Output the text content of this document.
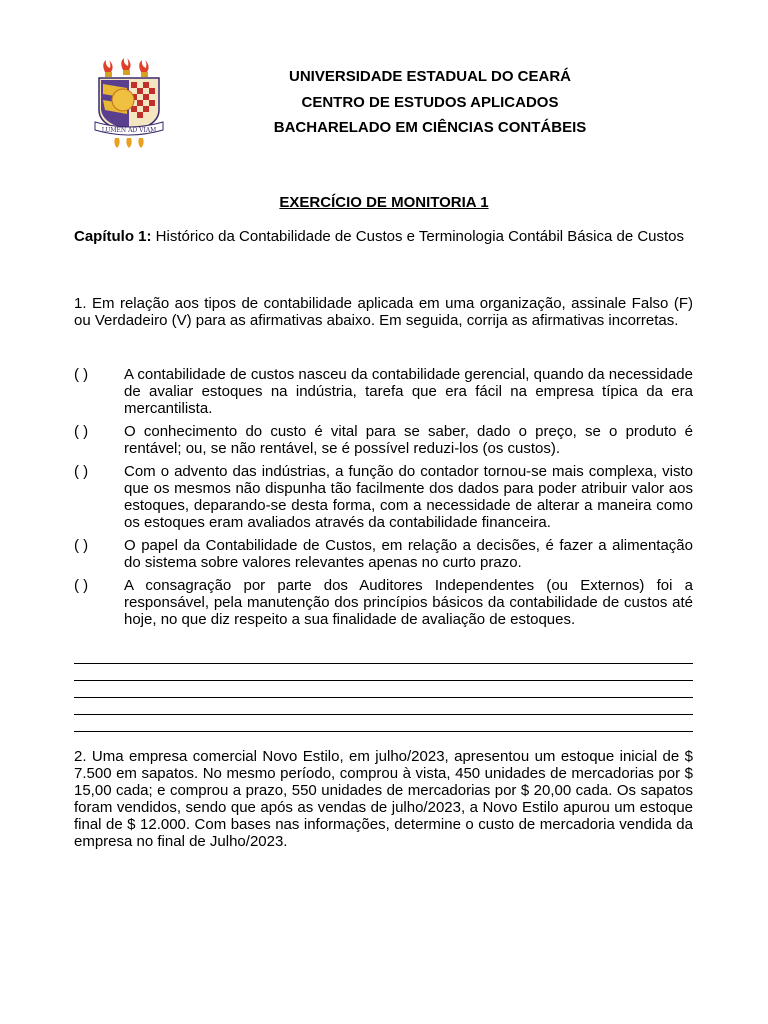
LUMEN AD VIAM
UNIVERSIDADE ESTADUAL DO CEARÁ
CENTRO DE ESTUDOS APLICADOS
BACHARELADO EM CIÊNCIAS CONTÁBEIS
EXERCÍCIO DE MONITORIA 1
Capítulo 1: Histórico da Contabilidade de Custos e Terminologia Contábil Básica de Custos
1. Em relação aos tipos de contabilidade aplicada em uma organização, assinale Falso (F) ou Verdadeiro (V) para as afirmativas abaixo. Em seguida, corrija as afirmativas incorretas.
( )	A contabilidade de custos nasceu da contabilidade gerencial, quando da necessidade de avaliar estoques na indústria, tarefa que era fácil na empresa típica da era mercantilista.
( )	O conhecimento do custo é vital para se saber, dado o preço, se o produto é rentável; ou, se não rentável, se é possível reduzi-los (os custos).
( )	Com o advento das indústrias, a função do contador tornou-se mais complexa, visto que os mesmos não dispunha tão facilmente dos dados para poder atribuir valor aos estoques, deparando-se desta forma, com a necessidade de alterar a maneira como os estoques eram avaliados através da contabilidade financeira.
( )	O papel da Contabilidade de Custos, em relação a decisões, é fazer a alimentação do sistema sobre valores relevantes apenas no curto prazo.
( )	A consagração por parte dos Auditores Independentes (ou Externos) foi a responsável, pela manutenção dos princípios básicos da contabilidade de custos até hoje, no que diz respeito a sua finalidade de avaliação de estoques.
2. Uma empresa comercial Novo Estilo, em julho/2023, apresentou um estoque inicial de $ 7.500 em sapatos. No mesmo período, comprou à vista, 450 unidades de mercadorias por $ 15,00 cada; e comprou a prazo, 550 unidades de mercadorias por $ 20,00 cada. Os sapatos foram vendidos, sendo que após as vendas de julho/2023, a Novo Estilo apurou um estoque final de $ 12.000. Com bases nas informações, determine o custo de mercadoria vendida da empresa no final de Julho/2023.
